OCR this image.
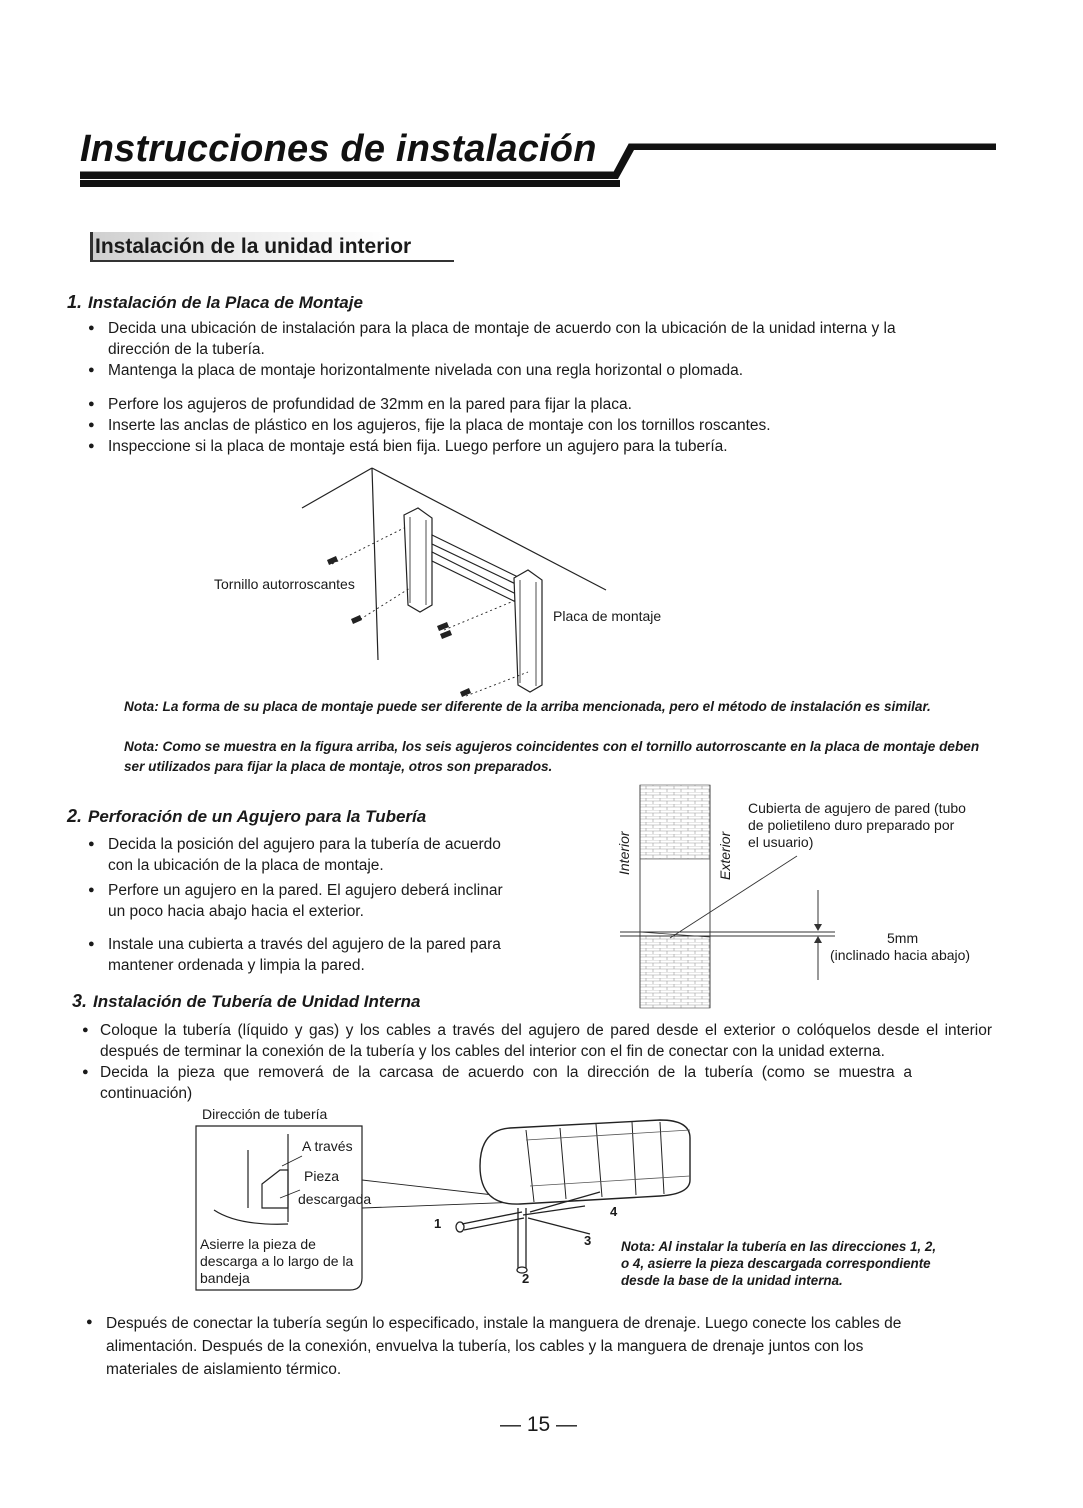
Instrucciones de instalación
Instalación de la unidad interior
1. Instalación de la Placa de Montaje
● Decida una ubicación de instalación para la placa de montaje de acuerdo con la ubicación de la unidad interna y la dirección de la tubería.
● Mantenga la placa de montaje horizontalmente nivelada con una regla horizontal o plomada.
● Perfore los agujeros de profundidad de 32mm en la pared para fijar la placa.
● Inserte las anclas de plástico en los agujeros, fije la placa de montaje con los tornillos roscantes.
● Inspeccione si la placa de montaje está bien fija. Luego perfore un agujero para la tubería.
Tornillo autorroscantes
Placa de montaje
Nota: La forma de su placa de montaje puede ser diferente de la arriba mencionada, pero el método de instalación es similar.
Nota: Como se muestra en la figura arriba, los seis agujeros coincidentes con el tornillo autorroscante en la placa de montaje deben ser utilizados para fijar la placa de montaje, otros son preparados.
2. Perforación de un Agujero para la Tubería
● Decida la posición del agujero para la tubería de acuerdo con la ubicación de la placa de montaje.
● Perfore un agujero en la pared. El agujero deberá inclinar un poco hacia abajo hacia el exterior.
● Instale una cubierta a través del agujero de la pared para mantener ordenada y limpia la pared.
Interior	Exterior
Cubierta de agujero de pared (tubo
de polietileno duro preparado por
el usuario)
5mm
(inclinado hacia abajo)
3. Instalación de Tubería de Unidad Interna
● Coloque la tubería (líquido y gas) y los cables a través del agujero de pared desde el exterior o colóquelos desde el interior después de terminar la conexión de la tubería y los cables del interior con el fin de conectar con la unidad externa.
● Decida la pieza que removerá de la carcasa de acuerdo con la dirección de la tubería (como se muestra a continuación)
Dirección de tubería
A través
Pieza
descargada
Asierre la pieza de
descarga a lo largo de la
bandeja
1
2
3
4
Nota: Al instalar la tubería en las direcciones 1, 2,
o 4, asierre la pieza descargada correspondiente
desde la base de la unidad interna.
● Después de conectar la tubería según lo especificado, instale la manguera de drenaje. Luego conecte los cables de alimentación. Después de la conexión, envuelva la tubería, los cables y la manguera de drenaje juntos con los materiales de aislamiento térmico.
— 15 —
